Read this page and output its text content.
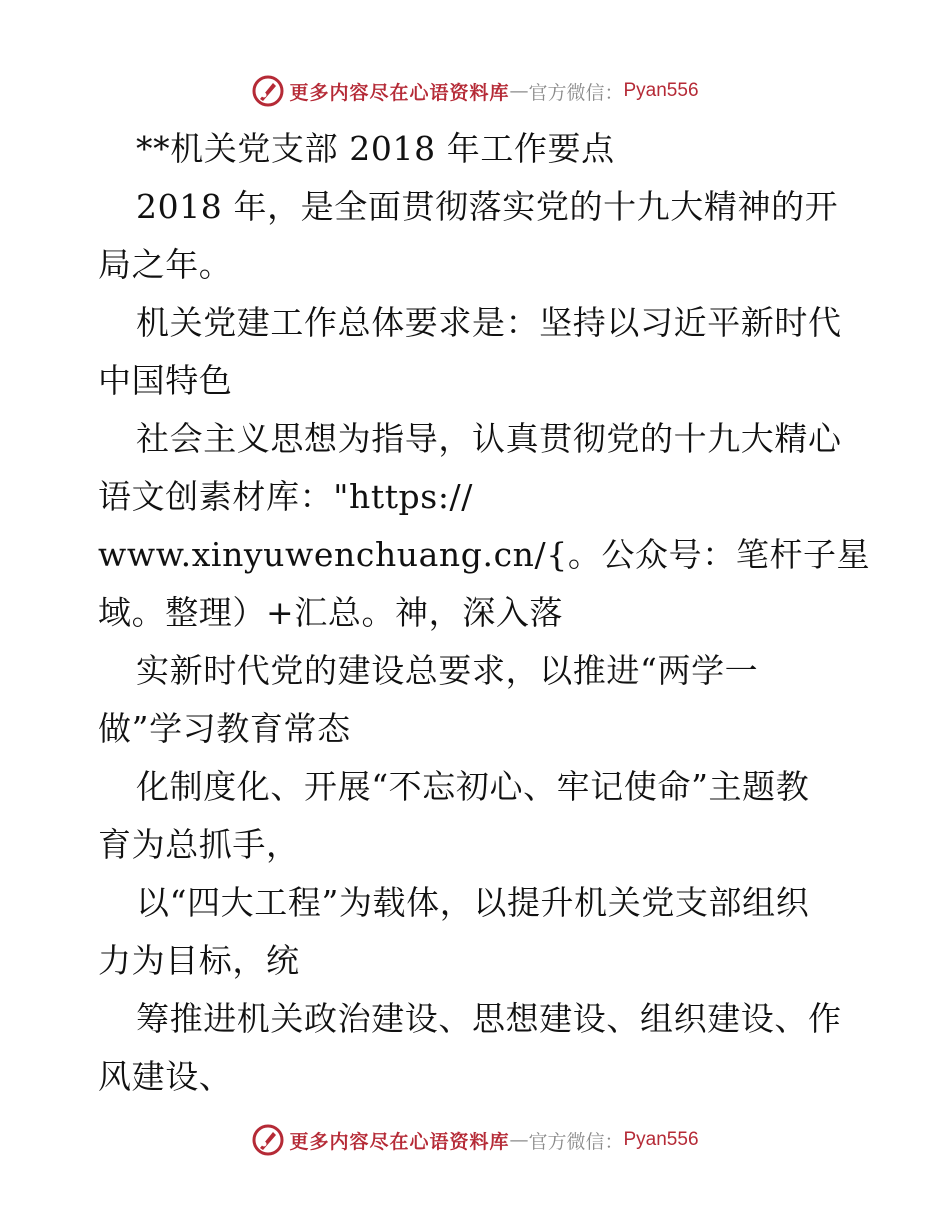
更多内容尽在心语资料库 — 官方微信： Pyan556
**机关党支部 2018 年工作要点
2018 年，是全面贯彻落实党的十九大精神的开
局之年。
机关党建工作总体要求是：坚持以习近平新时代
中国特色
社会主义思想为指导，认真贯彻党的十九大精心
语文创素材库："https://
www.xinyuwenchuang.cn/{。公众号：笔杆子星
域。整理）+汇总。神，深入落
实新时代党的建设总要求，以推进“两学一
做”学习教育常态
化制度化、开展“不忘初心、牢记使命”主题教
育为总抓手，
以“四大工程”为载体，以提升机关党支部组织
力为目标，统
筹推进机关政治建设、思想建设、组织建设、作
风建设、
更多内容尽在心语资料库 — 官方微信： Pyan556
